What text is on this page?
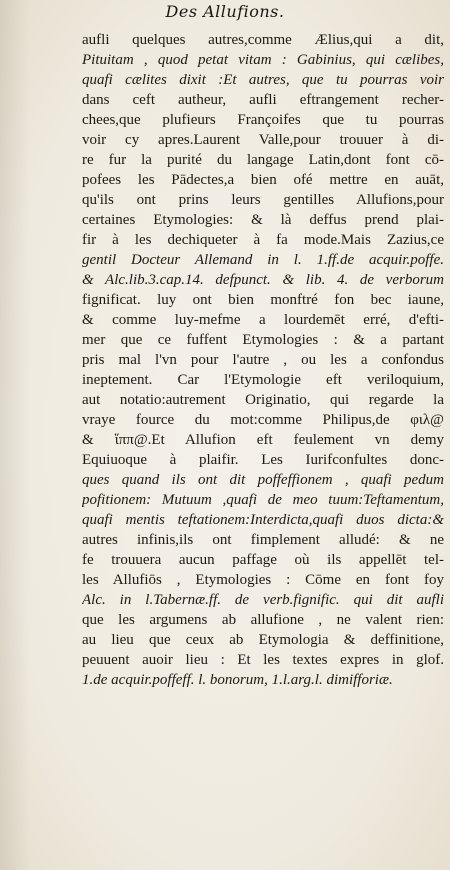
Des Allufions.
aufli quelques autres,comme Ælius,qui a dit,
Pituitam , quod petat vitam : Gabinius, qui cælibes,
quafi cælites dixit :Et autres, que tu pourras voir
dans ceft autheur, aufli eftrangement recher-
chees,que plufieurs Françoifes que tu pourras
voir cy apres.Laurent Valle,pour trouuer à di-
re fur la purité du langage Latin,dont font cō-
pofees les Pādectes,a bien ofé mettre en auāt,
qu'ils ont prins leurs gentilles Allufions,pour
certaines Etymologies: & là deffus prend plai-
fir à les dechiqueter à fa mode.Mais Zazius,ce
gentil Docteur Allemand in l. 1.ff.de acquir.poffe.
& Alc.lib.3.cap.14. defpunct. & lib. 4. de verborum
fignificat. luy ont bien monftré fon bec iaune,
& comme luy-mefme a lourdemēt erré, d'efti-
mer que ce fuffent Etymologies : & a partant
pris mal l'vn pour l'autre , ou les a confondus
ineptement. Car l'Etymologie eft veriloquium,
aut notatio:autrement Originatio, qui regarde la
vraye fource du mot:comme Philipus,de φιλ@
& ἵππ@.Et Allufion eft feulement vn demy
Equiuoque à plaifir. Les Iurifconfultes donc-
ques quand ils ont dit poffeffionem , quafi pedum
pofitionem: Mutuum ,quafi de meo tuum:Teftamentum,
quafi mentis teftationem:Interdicta,quafi duos dicta:&
autres infinis,ils ont fimplement alludé: & ne
fe trouuera aucun paffage où ils appellēt tel-
les Allufiōs , Etymologies : Cōme en font foy
Alc. in l.Tabernæ.ff. de verb.fignific. qui dit aufli
que les argumens ab allufione , ne valent rien:
au lieu que ceux ab Etymologia & deffinitione,
peuuent auoir lieu : Et les textes expres in glof.
1.de acquir.poffeff. l. bonorum, 1.l.arg.l. dimifforiæ.
